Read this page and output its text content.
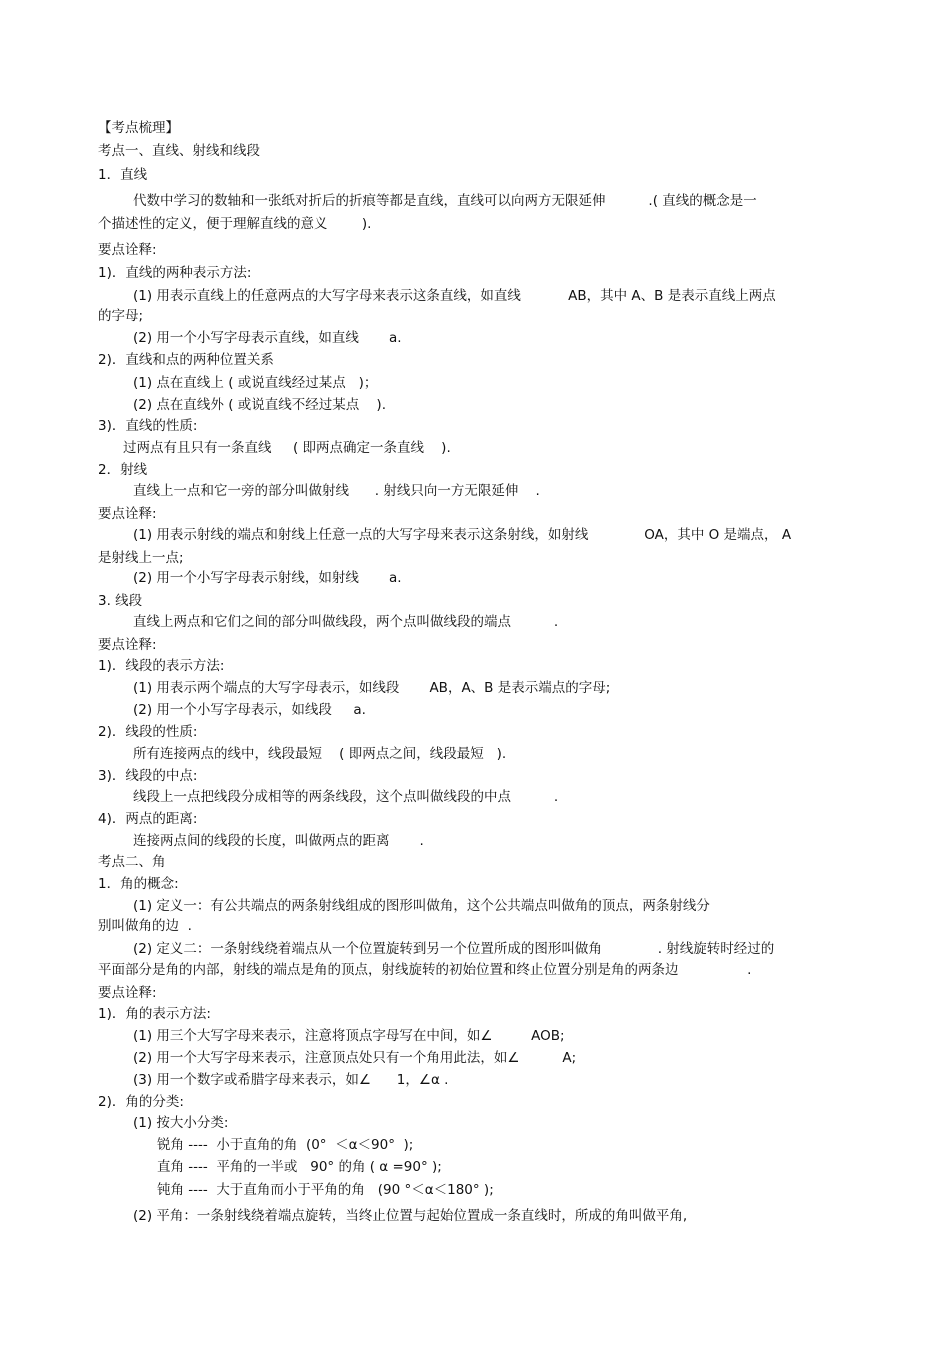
【考点梳理】

考点一、直线、射线和线段

1．直线

代数中学习的数轴和一张纸对折后的折痕等都是直线，直线可以向两方无限延伸          .( 直线的概念是一

个描述性的定义，便于理解直线的意义        ).

要点诠释:

1)．直线的两种表示方法:

(1) 用表示直线上的任意两点的大写字母来表示这条直线，如直线           AB，其中 A、B 是表示直线上两点

的字母;

(2) 用一个小写字母表示直线，如直线       a.

2)．直线和点的两种位置关系

(1) 点在直线上 ( 或说直线经过某点   )；

(2) 点在直线外 ( 或说直线不经过某点    ).

3)．直线的性质:

过两点有且只有一条直线     ( 即两点确定一条直线    ).

2．射线

直线上一点和它一旁的部分叫做射线      . 射线只向一方无限延伸    .

要点诠释:

(1) 用表示射线的端点和射线上任意一点的大写字母来表示这条射线，如射线             OA，其中 O 是端点， A

是射线上一点;

(2) 用一个小写字母表示射线，如射线       a.

3. 线段

直线上两点和它们之间的部分叫做线段，两个点叫做线段的端点          .

要点诠释:

1)．线段的表示方法:

(1) 用表示两个端点的大写字母表示，如线段       AB，A、B 是表示端点的字母;

(2) 用一个小写字母表示，如线段     a.

2)．线段的性质:

所有连接两点的线中，线段最短    ( 即两点之间，线段最短   ).

3)．线段的中点:

线段上一点把线段分成相等的两条线段，这个点叫做线段的中点          .

4)．两点的距离:

连接两点间的线段的长度，叫做两点的距离       .

考点二、角

1．角的概念:

(1) 定义一：有公共端点的两条射线组成的图形叫做角，这个公共端点叫做角的顶点，两条射线分

别叫做角的边  .

(2) 定义二：一条射线绕着端点从一个位置旋转到另一个位置所成的图形叫做角             . 射线旋转时经过的

平面部分是角的内部，射线的端点是角的顶点，射线旋转的初始位置和终止位置分别是角的两条边                .

要点诠释:

1)．角的表示方法:

(1) 用三个大写字母来表示，注意将顶点字母写在中间，如∠         AOB;

(2) 用一个大写字母来表示，注意顶点处只有一个角用此法，如∠          A;

(3) 用一个数字或希腊字母来表示，如∠      1，∠α .

2)．角的分类:

(1) 按大小分类:

锐角 ----  小于直角的角  (0°  ＜α＜90°  );

直角 ----  平角的一半或   90° 的角 ( α =90° );

钝角 ----  大于直角而小于平角的角   (90 °＜α＜180° );

(2) 平角：一条射线绕着端点旋转，当终止位置与起始位置成一条直线时，所成的角叫做平角,
